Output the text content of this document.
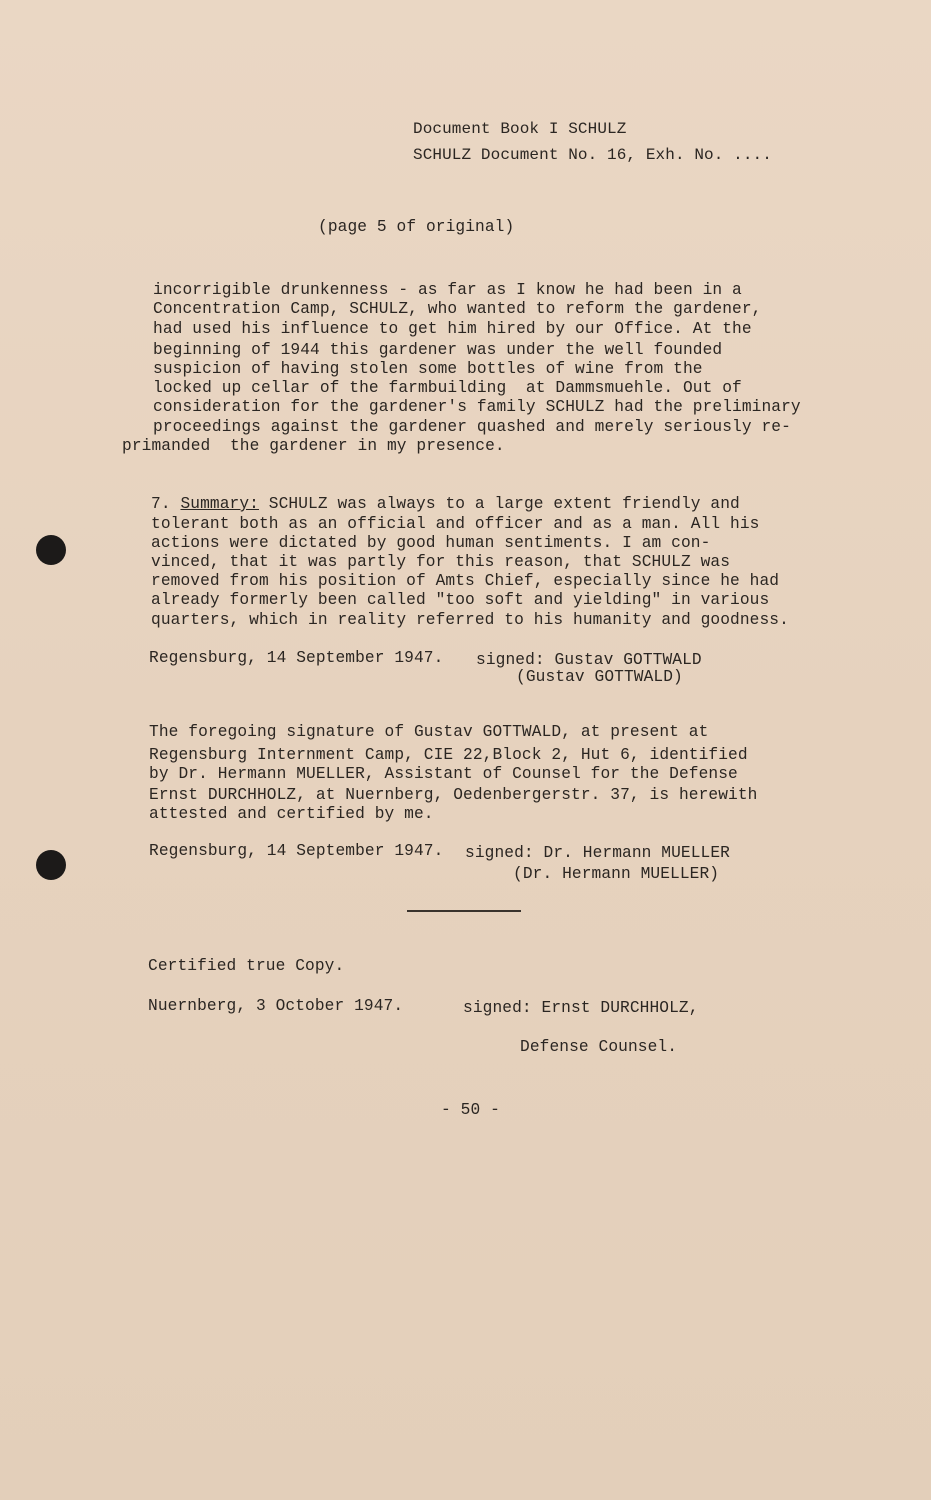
Document Book I SCHULZ
SCHULZ Document No. 16, Exh. No. ....
(page 5 of original)
incorrigible drunkenness - as far as I know he had been in a
Concentration Camp, SCHULZ, who wanted to reform the gardener,
had used his influence to get him hired by our Office. At the
beginning of 1944 this gardener was under the well founded
suspicion of having stolen some bottles of wine from the
locked up cellar of the farmbuilding  at Dammsmuehle. Out of
consideration for the gardener's family SCHULZ had the preliminary
proceedings against the gardener quashed and merely seriously re-
primanded  the gardener in my presence.
7. Summary: SCHULZ was always to a large extent friendly and
tolerant both as an official and officer and as a man. All his
actions were dictated by good human sentiments. I am con-
vinced, that it was partly for this reason, that SCHULZ was
removed from his position of Amts Chief, especially since he had
already formerly been called "too soft and yielding" in various
quarters, which in reality referred to his humanity and goodness.
Regensburg, 14 September 1947. signed: Gustav GOTTWALD
(Gustav GOTTWALD)
The foregoing signature of Gustav GOTTWALD, at present at
Regensburg Internment Camp, CIE 22,Block 2, Hut 6, identified
by Dr. Hermann MUELLER, Assistant of Counsel for the Defense
Ernst DURCHHOLZ, at Nuernberg, Oedenbergerstr. 37, is herewith
attested and certified by me.
Regensburg, 14 September 1947. signed: Dr. Hermann MUELLER
(Dr. Hermann MUELLER)
Certified true Copy.
Nuernberg, 3 October 1947.	signed: Ernst DURCHHOLZ,
Defense Counsel.
- 50 -
